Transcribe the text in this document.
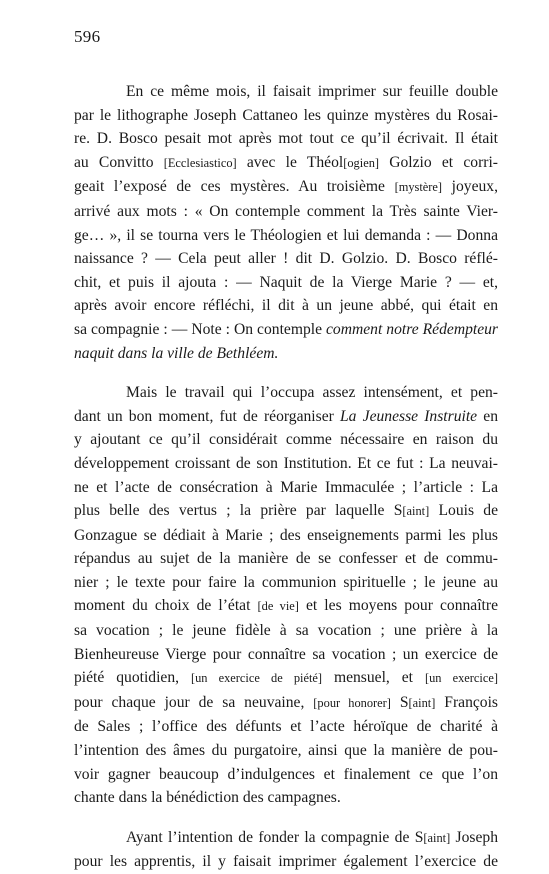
596
En ce même mois, il faisait imprimer sur feuille double
par le lithographe Joseph Cattaneo les quinze mystères du Rosai-
re. D. Bosco pesait mot après mot tout ce qu’il écrivait. Il était
au Convitto [Ecclesiastico] avec le Théol[ogien] Golzio et corri-
geait l’exposé de ces mystères. Au troisième [mystère] joyeux,
arrivé aux mots : « On contemple comment la Très sainte Vier-
ge… », il se tourna vers le Théologien et lui demanda : — Donna
naissance ? — Cela peut aller ! dit D. Golzio. D. Bosco réflé-
chit, et puis il ajouta : — Naquit de la Vierge Marie ? — et,
après avoir encore réfléchi, il dit à un jeune abbé, qui était en
sa compagnie : — Note : On contemple comment notre Rédempteur
naquit dans la ville de Bethléem.
Mais le travail qui l’occupa assez intensément, et pen-
dant un bon moment, fut de réorganiser La Jeunesse Instruite en
y ajoutant ce qu’il considérait comme nécessaire en raison du
développement croissant de son Institution. Et ce fut : La neuvai-
ne et l’acte de consécration à Marie Immaculée ; l’article : La
plus belle des vertus ; la prière par laquelle S[aint] Louis de
Gonzague se dédiait à Marie ; des enseignements parmi les plus
répandus au sujet de la manière de se confesser et de commu-
nier ; le texte pour faire la communion spirituelle ; le jeune au
moment du choix de l’état [de vie] et les moyens pour connaître
sa vocation ; le jeune fidèle à sa vocation ; une prière à la
Bienheureuse Vierge pour connaître sa vocation ; un exercice de
piété quotidien, [un exercice de piété] mensuel, et [un exercice]
pour chaque jour de sa neuvaine, [pour honorer] S[aint] François
de Sales ; l’office des défunts et l’acte héroïque de charité à
l’intention des âmes du purgatoire, ainsi que la manière de pou-
voir gagner beaucoup d’indulgences et finalement ce que l’on
chante dans la bénédiction des campagnes.
Ayant l’intention de fonder la compagnie de S[aint] Joseph
pour les apprentis, il y faisait imprimer également l’exercice de
